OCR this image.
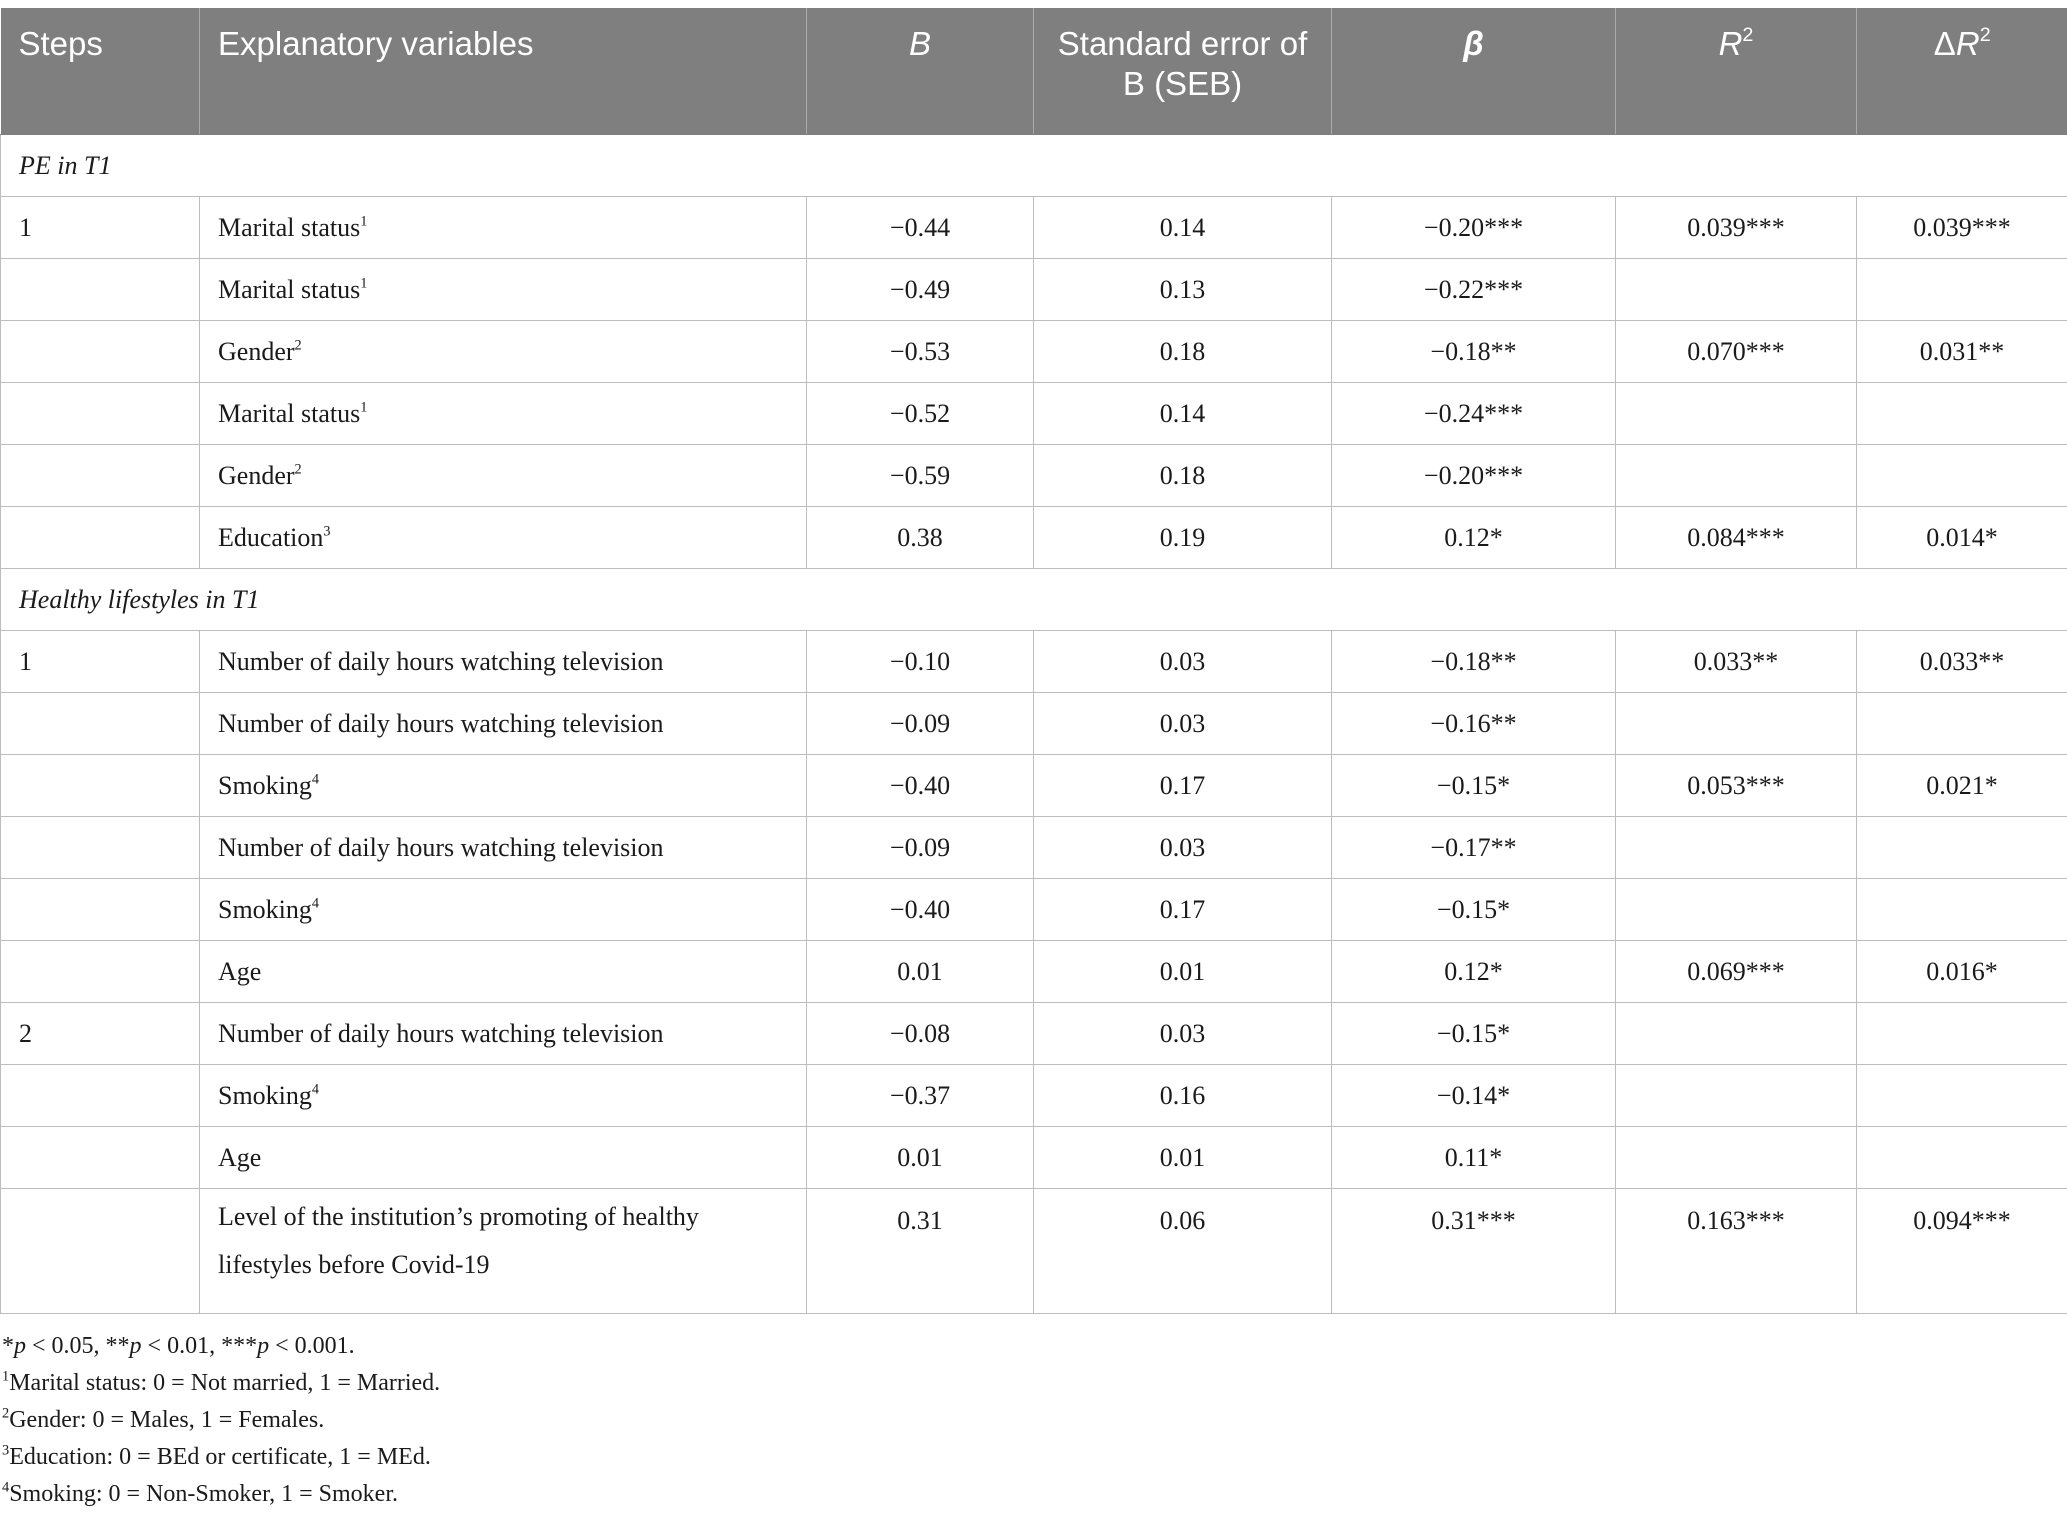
Steps	Explanatory variables	B	Standard error of B (SEB)	β	$R^2$	$\Delta R^2$
PE in T1						
1	Marital status$^1$	−0.44	0.14	−0.20***	0.039***	0.039***
	Marital status$^1$	−0.49	0.13	−0.22***		
	Gender$^2$	−0.53	0.18	−0.18**	0.070***	0.031**
	Marital status$^1$	−0.52	0.14	−0.24***		
	Gender$^2$	−0.59	0.18	−0.20***		
	Education$^3$	0.38	0.19	0.12*	0.084***	0.014*
Healthy lifestyles in T1						
1	Number of daily hours watching television	−0.10	0.03	−0.18**	0.033**	0.033**
	Number of daily hours watching television	−0.09	0.03	−0.16**		
	Smoking$^4$	−0.40	0.17	−0.15*	0.053***	0.021*
	Number of daily hours watching television	−0.09	0.03	−0.17**		
	Smoking$^4$	−0.40	0.17	−0.15*		
	Age	0.01	0.01	0.12*	0.069***	0.016*
2	Number of daily hours watching television	−0.08	0.03	−0.15*		
	Smoking$^4$	−0.37	0.16	−0.14*		
	Age	0.01	0.01	0.11*		
	Level of the institution’s promoting of healthy lifestyles before Covid-19	0.31	0.06	0.31***	0.163***	0.094***
*p < 0.05, **p < 0.01, ***p < 0.001.
$^1$Marital status: 0 = Not married, 1 = Married.
$^2$Gender: 0 = Males, 1 = Females.
$^3$Education: 0 = BEd or certificate, 1 = MEd.
$^4$Smoking: 0 = Non-Smoker, 1 = Smoker.
